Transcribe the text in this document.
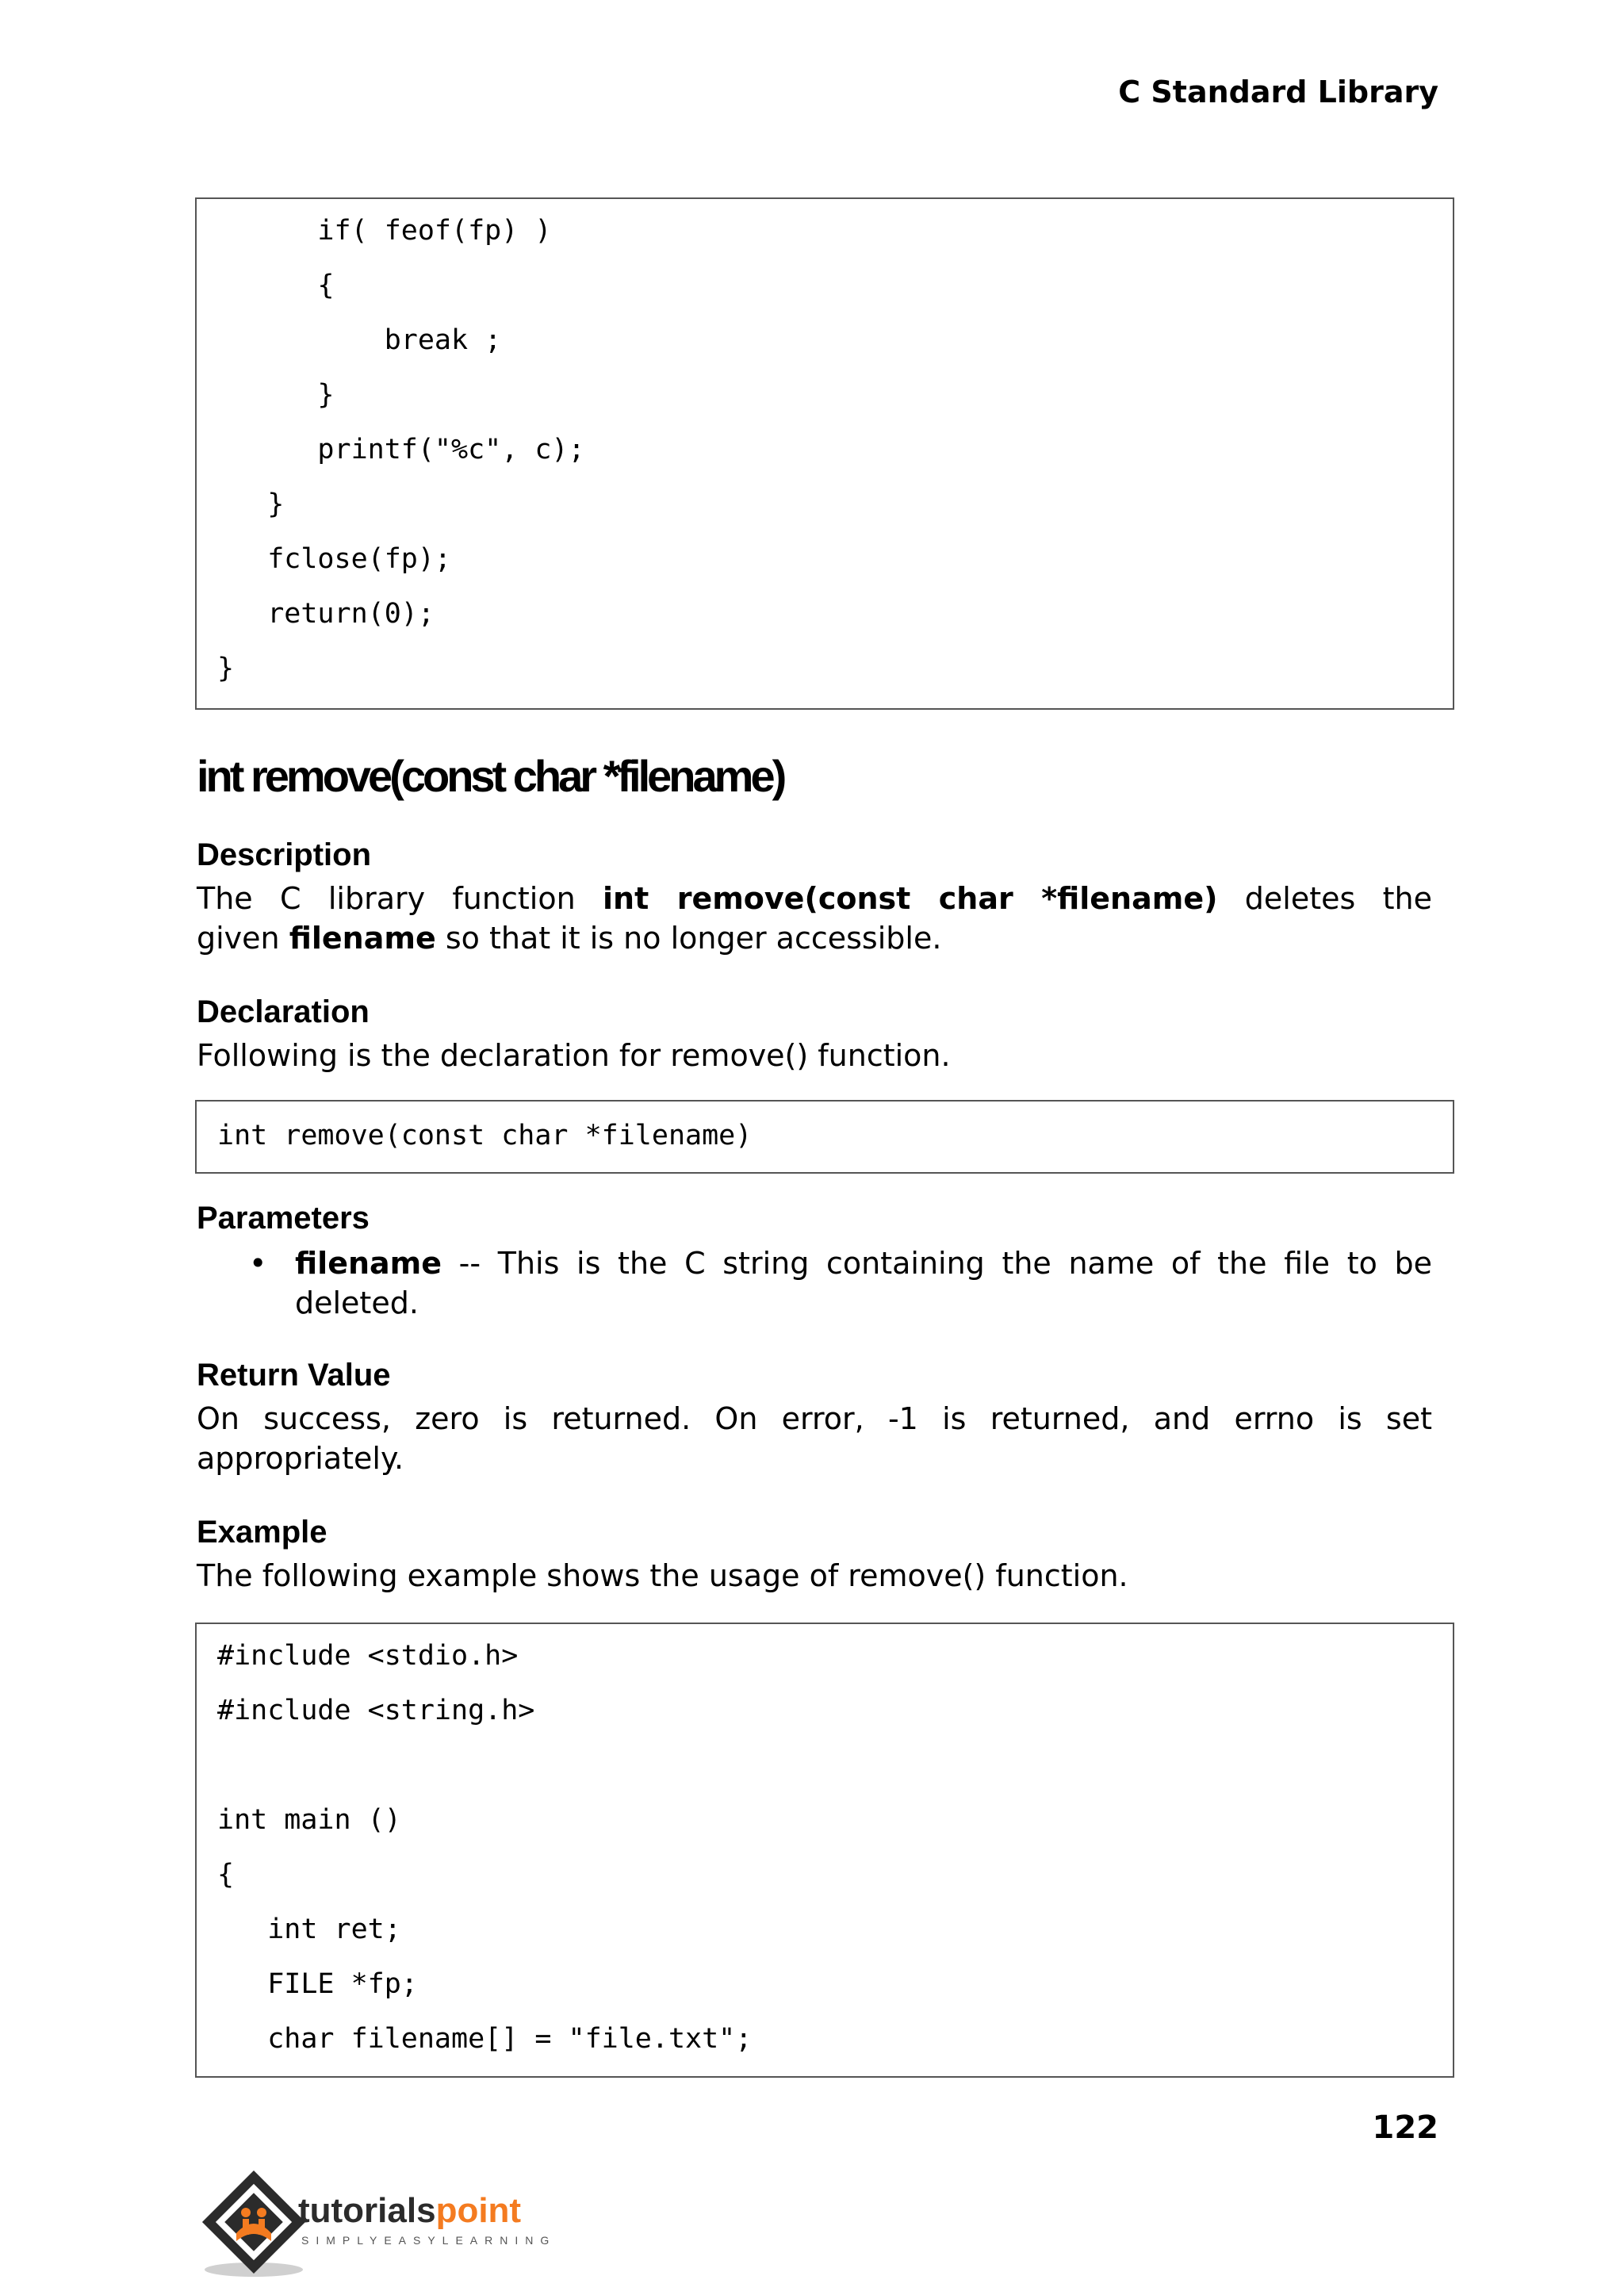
C Standard Library
if( feof(fp) )
{
break ;
}
printf("%c", c);
}
fclose(fp);
return(0);
}
int remove(const char *filename)
Description
The C library function int remove(const char *filename) deletes the
given filename so that it is no longer accessible.
Declaration
Following is the declaration for remove() function.
int remove(const char *filename)
Parameters
• filename -- This is the C string containing the name of the file to be
deleted.
Return Value
On success, zero is returned. On error, -1 is returned, and errno is set
appropriately.
Example
The following example shows the usage of remove() function.
#include <stdio.h>
#include <string.h>
int main ()
{
int ret;
FILE *fp;
char filename[] = "file.txt";
122
tutorialspoint
SIMPLYEASYLEARNING
